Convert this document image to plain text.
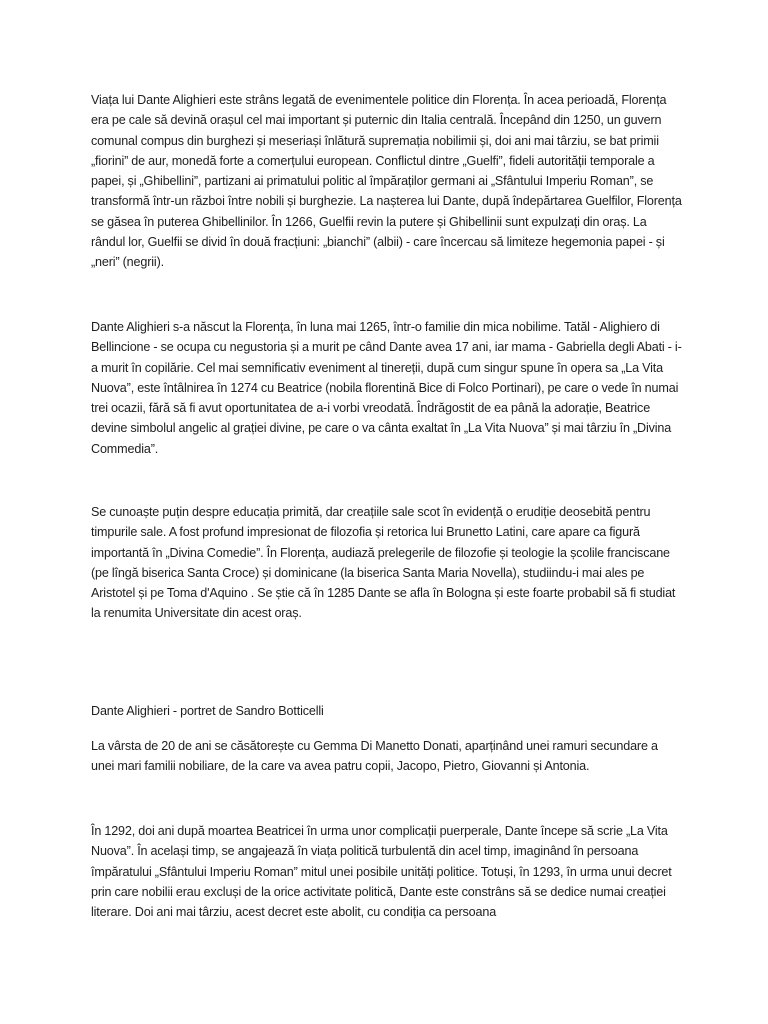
Viața lui Dante Alighieri este strâns legată de evenimentele politice din Florența. În acea perioadă, Florența era pe cale să devină orașul cel mai important și puternic din Italia centrală. Începând din 1250, un guvern comunal compus din burghezi și meseriași înlătură supremația nobilimii și, doi ani mai târziu, se bat primii „fiorini” de aur, monedă forte a comerțului european. Conflictul dintre „Guelfi”, fideli autorității temporale a papei, și „Ghibellini”, partizani ai primatului politic al împăraților germani ai „Sfântului Imperiu Roman”, se transformă într-un război între nobili și burghezie. La nașterea lui Dante, după îndepărtarea Guelfilor, Florența se găsea în puterea Ghibellinilor. În 1266, Guelfii revin la putere și Ghibellinii sunt expulzați din oraș. La rândul lor, Guelfii se divid în două fracțiuni: „bianchi” (albii) - care încercau să limiteze hegemonia papei - și „neri” (negrii).

Dante Alighieri s-a născut la Florența, în luna mai 1265, într-o familie din mica nobilime. Tatăl - Alighiero di Bellincione - se ocupa cu negustoria și a murit pe când Dante avea 17 ani, iar mama - Gabriella degli Abati - i-a murit în copilărie. Cel mai semnificativ eveniment al tinereții, după cum singur spune în opera sa „La Vita Nuova”, este întâlnirea în 1274 cu Beatrice (nobila florentină Bice di Folco Portinari), pe care o vede în numai trei ocazii, fără să fi avut oportunitatea de a-i vorbi vreodată. Îndrăgostit de ea până la adorație, Beatrice devine simbolul angelic al grației divine, pe care o va cânta exaltat în „La Vita Nuova” și mai târziu în „Divina Commedia”.

Se cunoaște puțin despre educația primită, dar creațiile sale scot în evidență o erudiție deosebită pentru timpurile sale. A fost profund impresionat de filozofia și retorica lui Brunetto Latini, care apare ca figură importantă în „Divina Comedie”. În Florența, audiază prelegerile de filozofie și teologie la școlile franciscane (pe lîngă biserica Santa Croce) și dominicane (la biserica Santa Maria Novella), studiindu-i mai ales pe Aristotel și pe Toma d'Aquino . Se știe că în 1285 Dante se afla în Bologna și este foarte probabil să fi studiat la renumita Universitate din acest oraș.

Dante Alighieri - portret de Sandro Botticelli

La vârsta de 20 de ani se căsătorește cu Gemma Di Manetto Donati, aparținând unei ramuri secundare a unei mari familii nobiliare, de la care va avea patru copii, Jacopo, Pietro, Giovanni și Antonia.

În 1292, doi ani după moartea Beatricei în urma unor complicații puerperale, Dante începe să scrie „La Vita Nuova”. În același timp, se angajează în viața politică turbulentă din acel timp, imaginând în persoana împăratului „Sfântului Imperiu Roman” mitul unei posibile unități politice. Totuși, în 1293, în urma unui decret prin care nobilii erau excluși de la orice activitate politică, Dante este constrâns să se dedice numai creației literare. Doi ani mai târziu, acest decret este abolit, cu condiția ca persoana
